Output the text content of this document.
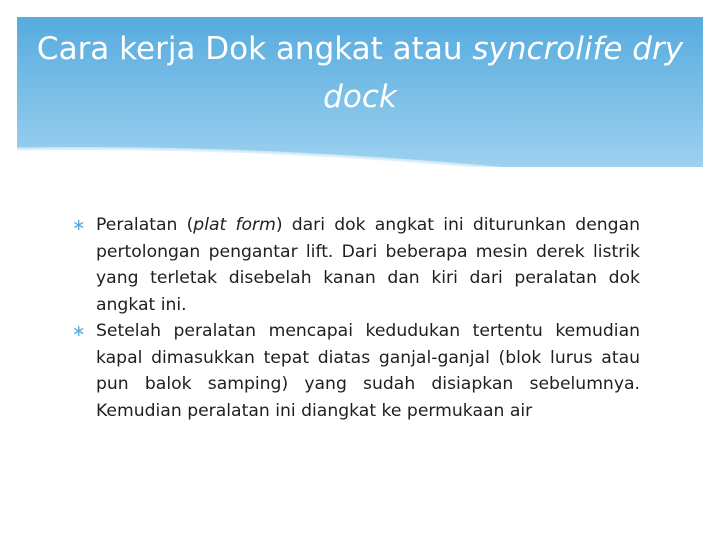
Cara kerja Dok angkat atau syncrolife dry dock
∗ Peralatan (plat form) dari dok angkat ini diturunkan dengan pertolongan pengantar lift. Dari beberapa mesin derek listrik yang terletak disebelah kanan dan kiri dari peralatan dok angkat ini.
∗ Setelah peralatan mencapai kedudukan tertentu kemudian kapal dimasukkan tepat diatas ganjal-ganjal (blok lurus atau pun balok samping) yang sudah disiapkan sebelumnya. Kemudian peralatan ini diangkat ke permukaan air
